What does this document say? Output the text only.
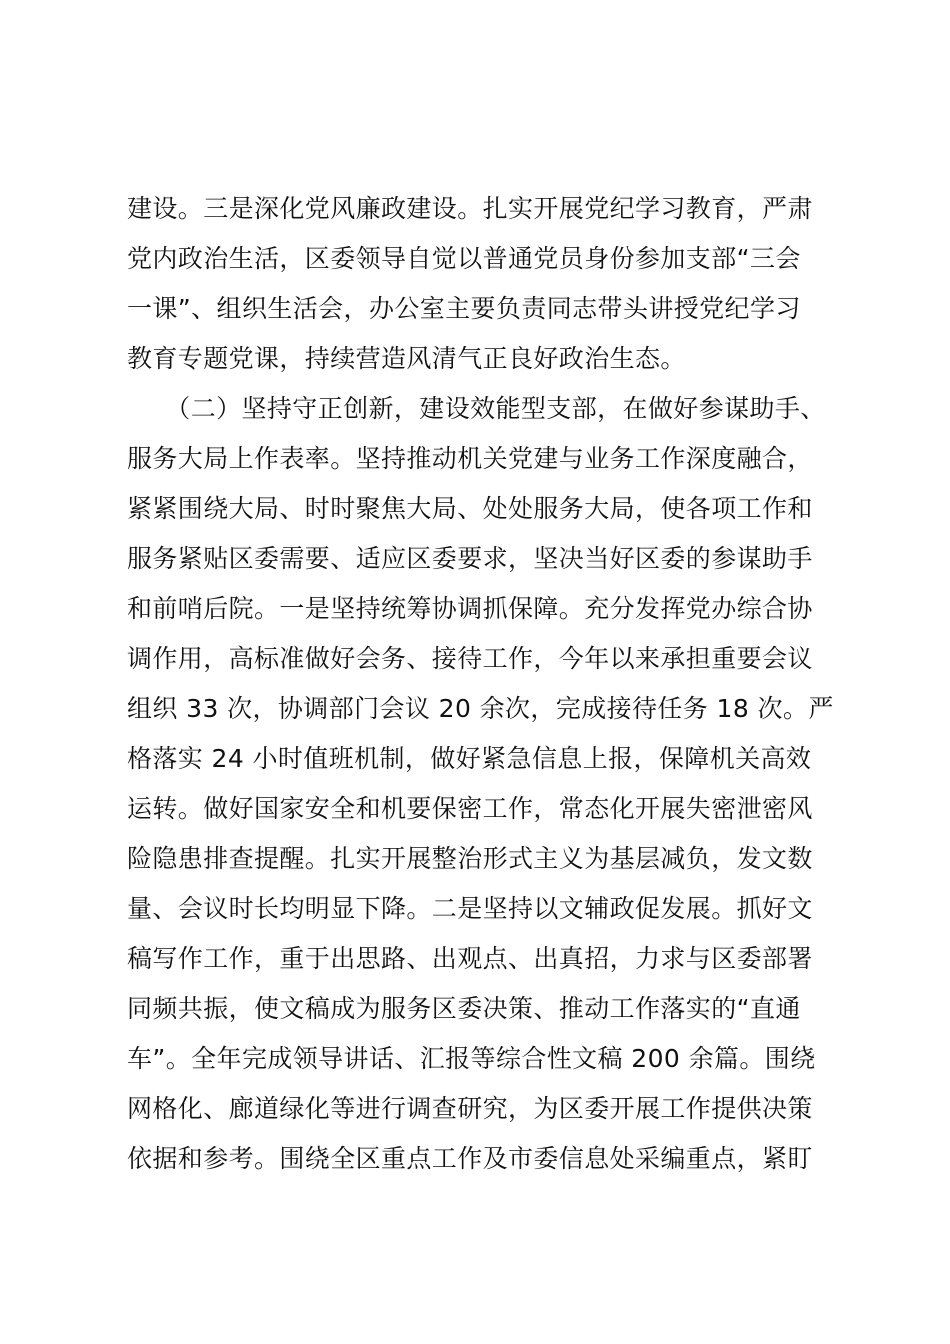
建设。三是深化党风廉政建设。扎实开展党纪学习教育，严肃
党内政治生活，区委领导自觉以普通党员身份参加支部“三会
一课”、组织生活会，办公室主要负责同志带头讲授党纪学习
教育专题党课，持续营造风清气正良好政治生态。
　　（二）坚持守正创新，建设效能型支部，在做好参谋助手、
服务大局上作表率。坚持推动机关党建与业务工作深度融合，
紧紧围绕大局、时时聚焦大局、处处服务大局，使各项工作和
服务紧贴区委需要、适应区委要求，坚决当好区委的参谋助手
和前哨后院。一是坚持统筹协调抓保障。充分发挥党办综合协
调作用，高标准做好会务、接待工作，今年以来承担重要会议
组织 33 次，协调部门会议 20 余次，完成接待任务 18 次。严
格落实 24 小时值班机制，做好紧急信息上报，保障机关高效
运转。做好国家安全和机要保密工作，常态化开展失密泄密风
险隐患排查提醒。扎实开展整治形式主义为基层减负，发文数
量、会议时长均明显下降。二是坚持以文辅政促发展。抓好文
稿写作工作，重于出思路、出观点、出真招，力求与区委部署
同频共振，使文稿成为服务区委决策、推动工作落实的“直通
车”。全年完成领导讲话、汇报等综合性文稿 200 余篇。围绕
网格化、廊道绿化等进行调查研究，为区委开展工作提供决策
依据和参考。围绕全区重点工作及市委信息处采编重点，紧盯
